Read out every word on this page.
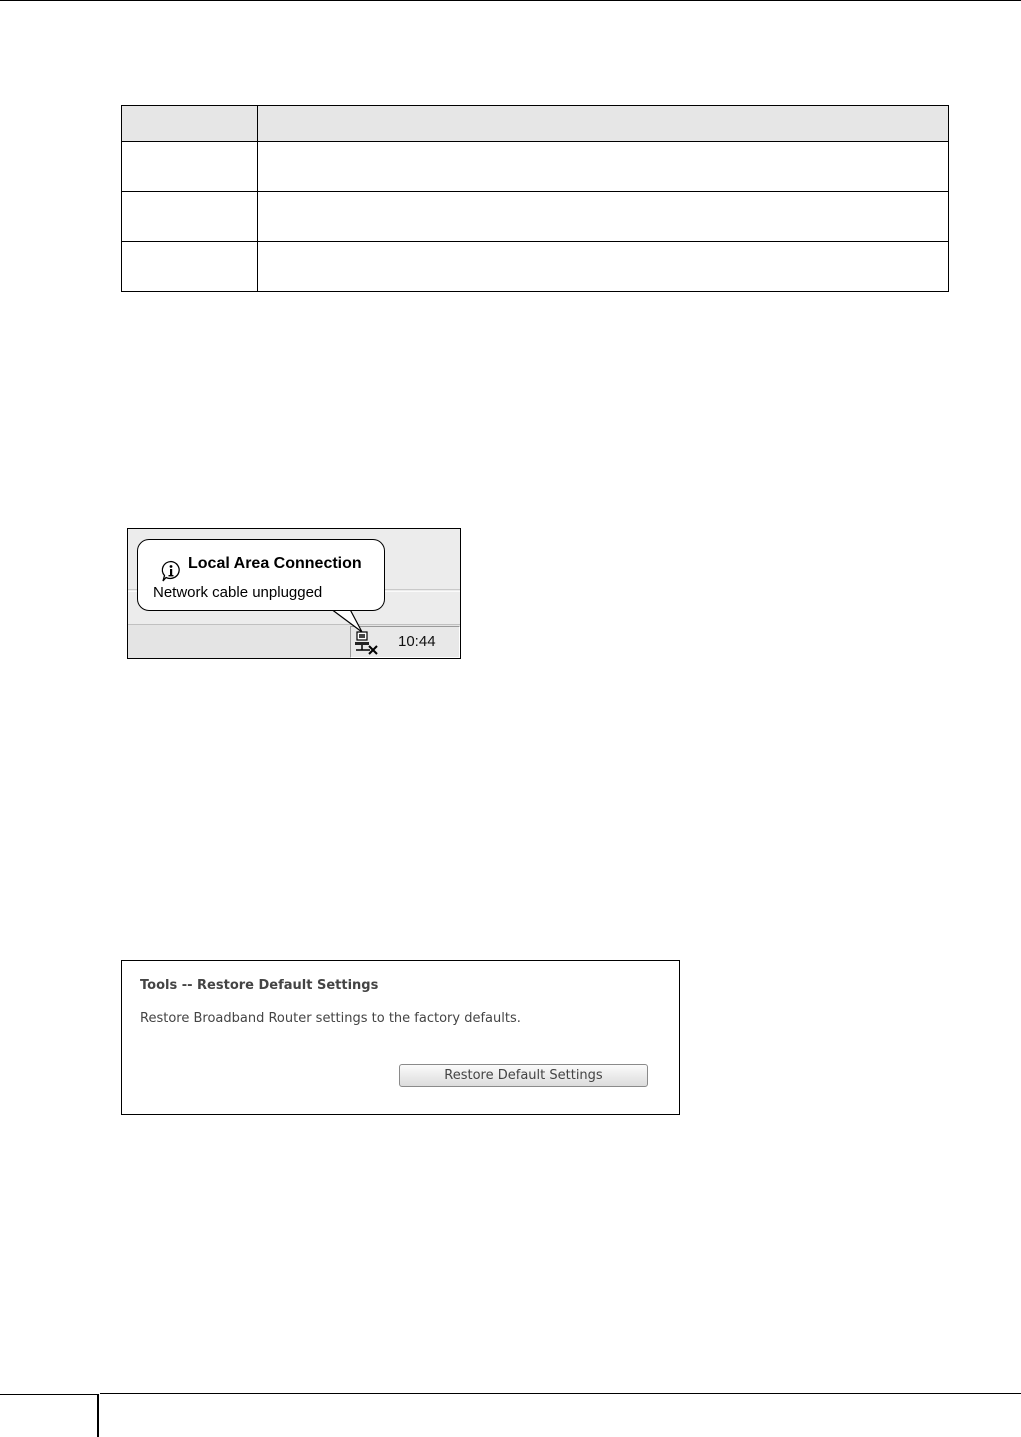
Local Area Connection
Network cable unplugged
10:44
Tools -- Restore Default Settings
Restore Broadband Router settings to the factory defaults.
Restore Default Settings
